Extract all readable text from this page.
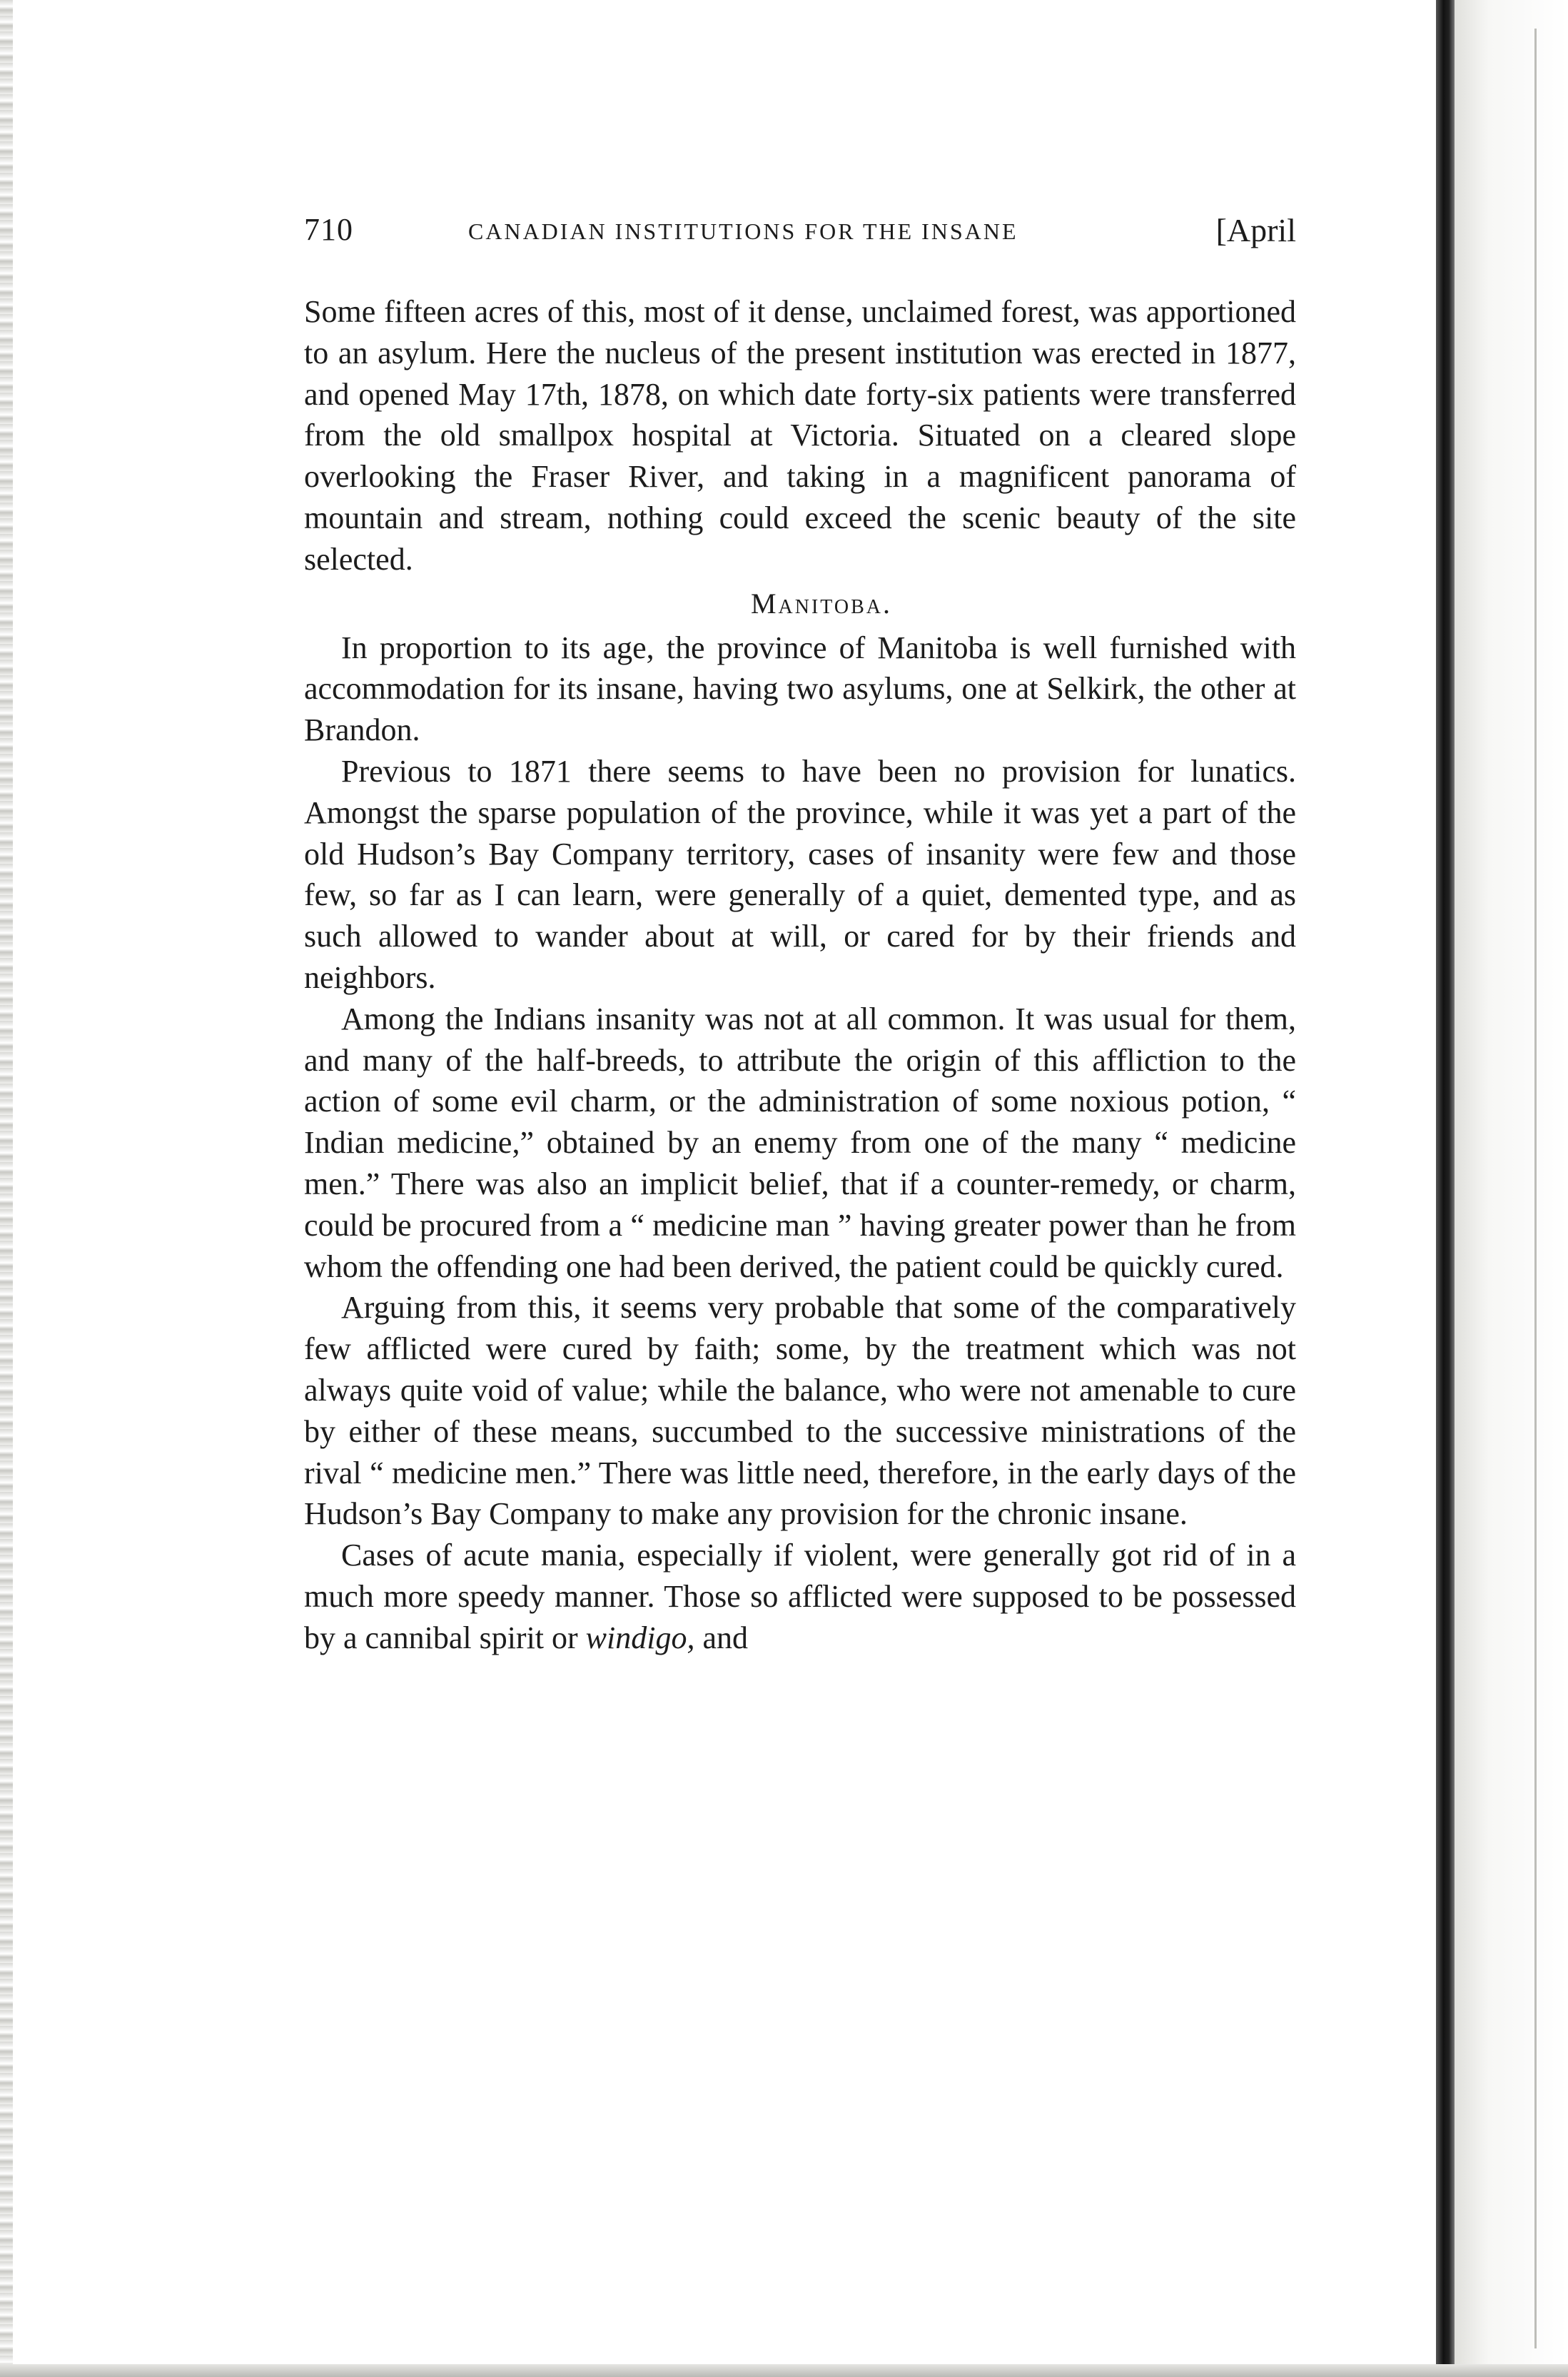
710	CANADIAN INSTITUTIONS FOR THE INSANE	[April

Some fifteen acres of this, most of it dense, unclaimed forest, was apportioned to an asylum. Here the nucleus of the present institution was erected in 1877, and opened May 17th, 1878, on which date forty-six patients were transferred from the old smallpox hospital at Victoria. Situated on a cleared slope overlooking the Fraser River, and taking in a magnificent panorama of mountain and stream, nothing could exceed the scenic beauty of the site selected.

Manitoba.

In proportion to its age, the province of Manitoba is well furnished with accommodation for its insane, having two asylums, one at Selkirk, the other at Brandon.

Previous to 1871 there seems to have been no provision for lunatics. Amongst the sparse population of the province, while it was yet a part of the old Hudson’s Bay Company territory, cases of insanity were few and those few, so far as I can learn, were generally of a quiet, demented type, and as such allowed to wander about at will, or cared for by their friends and neighbors.

Among the Indians insanity was not at all common. It was usual for them, and many of the half-breeds, to attribute the origin of this affliction to the action of some evil charm, or the administration of some noxious potion, “ Indian medicine,” obtained by an enemy from one of the many “ medicine men.” There was also an implicit belief, that if a counter-remedy, or charm, could be procured from a “ medicine man ” having greater power than he from whom the offending one had been derived, the patient could be quickly cured.

Arguing from this, it seems very probable that some of the comparatively few afflicted were cured by faith; some, by the treatment which was not always quite void of value; while the balance, who were not amenable to cure by either of these means, succumbed to the successive ministrations of the rival “ medicine men.” There was little need, therefore, in the early days of the Hudson’s Bay Company to make any provision for the chronic insane.

Cases of acute mania, especially if violent, were generally got rid of in a much more speedy manner. Those so afflicted were supposed to be possessed by a cannibal spirit or windigo, and
